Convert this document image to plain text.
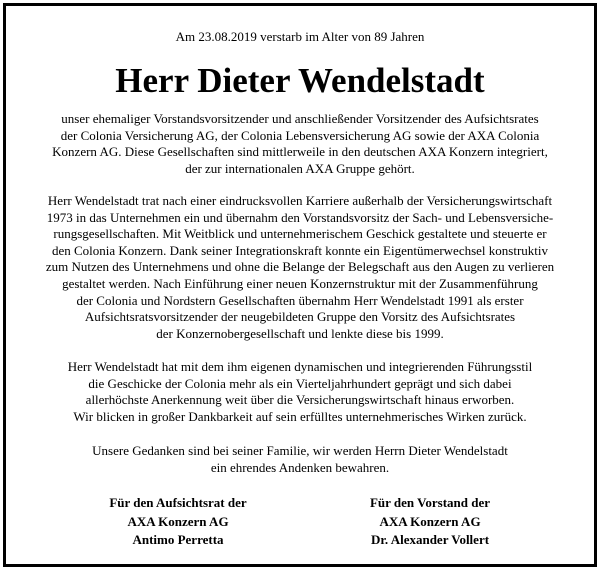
Am 23.08.2019 verstarb im Alter von 89 Jahren

Herr Dieter Wendelstadt

unser ehemaliger Vorstandsvorsitzender und anschließender Vorsitzender des Aufsichtsrates
der Colonia Versicherung AG, der Colonia Lebensversicherung AG sowie der AXA Colonia
Konzern AG. Diese Gesellschaften sind mittlerweile in den deutschen AXA Konzern integriert,
der zur internationalen AXA Gruppe gehört.

Herr Wendelstadt trat nach einer eindrucksvollen Karriere außerhalb der Versicherungswirtschaft
1973 in das Unternehmen ein und übernahm den Vorstandsvorsitz der Sach- und Lebensversiche-
rungsgesellschaften. Mit Weitblick und unternehmerischem Geschick gestaltete und steuerte er
den Colonia Konzern. Dank seiner Integrationskraft konnte ein Eigentümerwechsel konstruktiv
zum Nutzen des Unternehmens und ohne die Belange der Belegschaft aus den Augen zu verlieren
gestaltet werden. Nach Einführung einer neuen Konzernstruktur mit der Zusammenführung
der Colonia und Nordstern Gesellschaften übernahm Herr Wendelstadt 1991 als erster
Aufsichtsratsvorsitzender der neugebildeten Gruppe den Vorsitz des Aufsichtsrates
der Konzernobergesellschaft und lenkte diese bis 1999.

Herr Wendelstadt hat mit dem ihm eigenen dynamischen und integrierenden Führungsstil
die Geschicke der Colonia mehr als ein Vierteljahrhundert geprägt und sich dabei
allerhöchste Anerkennung weit über die Versicherungswirtschaft hinaus erworben.
Wir blicken in großer Dankbarkeit auf sein erfülltes unternehmerisches Wirken zurück.

Unsere Gedanken sind bei seiner Familie, wir werden Herrn Dieter Wendelstadt
ein ehrendes Andenken bewahren.

Für den Aufsichtsrat der
AXA Konzern AG
Antimo Perretta

Für den Vorstand der
AXA Konzern AG
Dr. Alexander Vollert
